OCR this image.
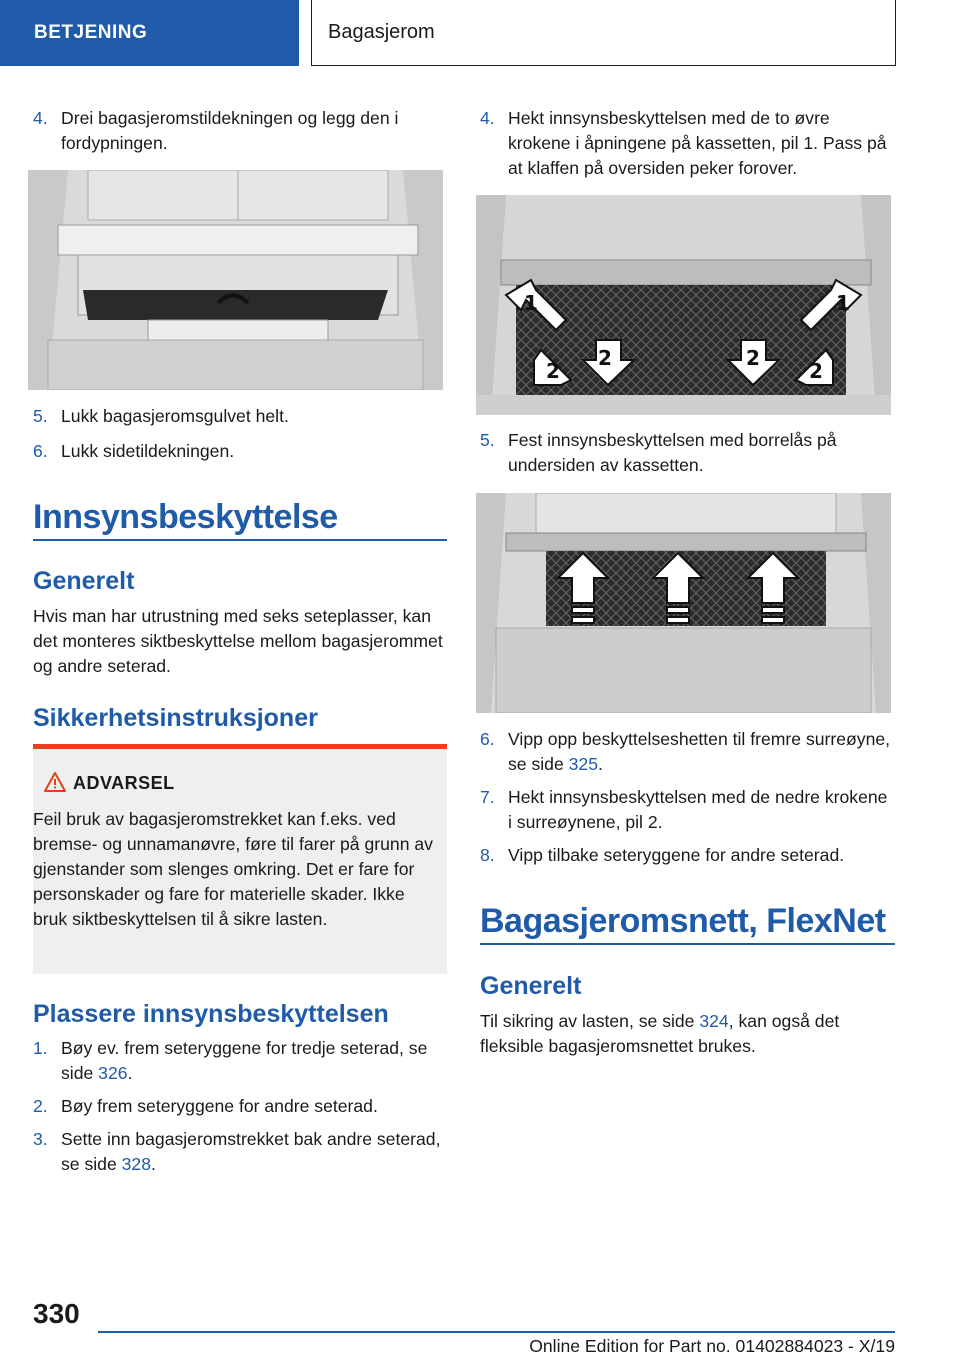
BETJENING	Bagasjerom
4. Drei bagasjeromstildekningen og legg den i fordypningen.
5. Lukk bagasjeromsgulvet helt.
6. Lukk sidetildekningen.
Innsynsbeskyttelse
Generelt
Hvis man har utrustning med seks seteplasser, kan det monteres siktbeskyttelse mellom bagasjerommet og andre seterad.
Sikkerhetsinstruksjoner
ADVARSEL
Feil bruk av bagasjeromstrekket kan f.eks. ved bremse- og unnamanøvre, føre til farer på grunn av gjenstander som slenges omkring. Det er fare for personskader og fare for materielle skader. Ikke bruk siktbeskyttelsen til å sikre lasten.
Plassere innsynsbeskyttelsen
1. Bøy ev. frem seteryggene for tredje seterad, se side 326.
2. Bøy frem seteryggene for andre seterad.
3. Sette inn bagasjeromstrekket bak andre seterad, se side 328.
4. Hekt innsynsbeskyttelsen med de to øvre krokene i åpningene på kassetten, pil 1. Pass på at klaffen på oversiden peker forover.
1	1
2	2
2	2
5. Fest innsynsbeskyttelsen med borrelås på undersiden av kassetten.
6. Vipp opp beskyttelseshetten til fremre surreøyne, se side 325.
7. Hekt innsynsbeskyttelsen med de nedre krokene i surreøynene, pil 2.
8. Vipp tilbake seteryggene for andre seterad.
Bagasjeromsnett, FlexNet
Generelt
Til sikring av lasten, se side 324, kan også det fleksible bagasjeromsnettet brukes.
330
Online Edition for Part no. 01402884023 - X/19
